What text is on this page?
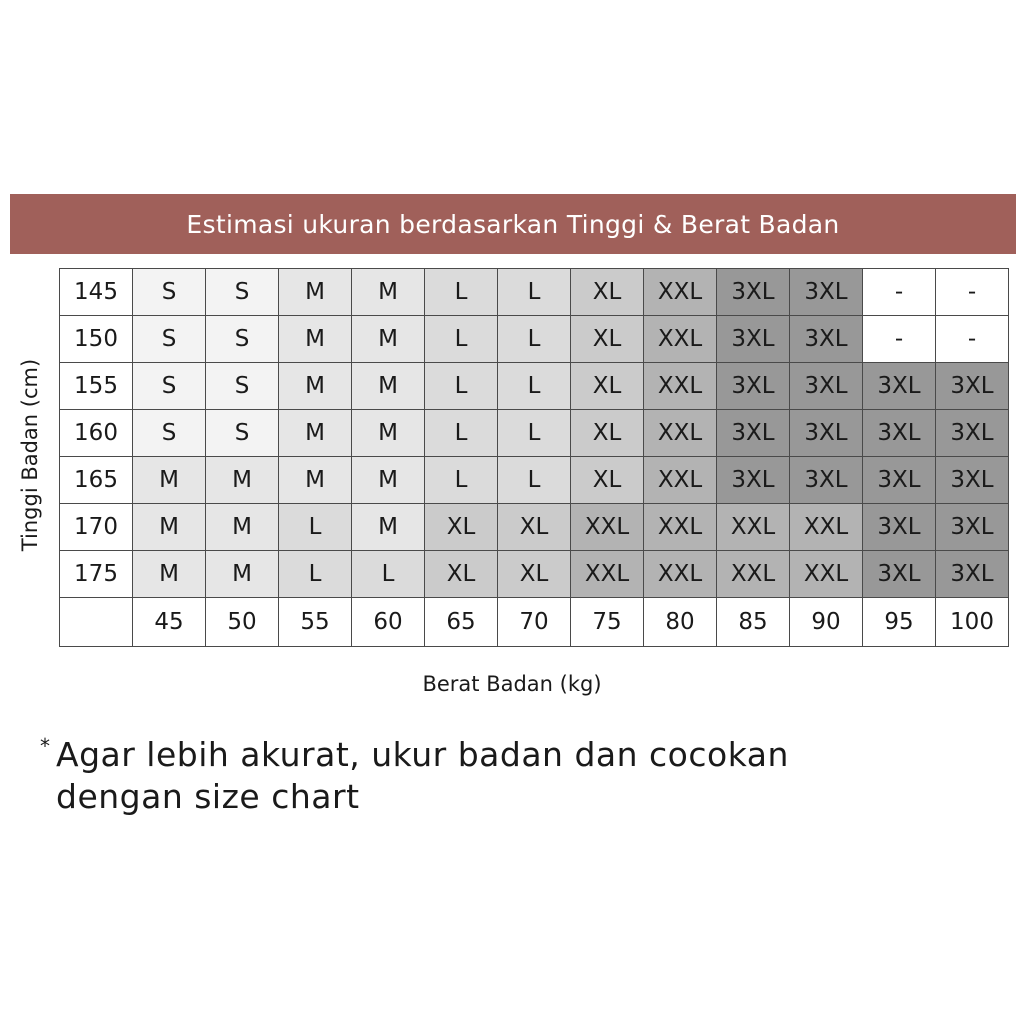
Estimasi ukuran berdasarkan Tinggi & Berat Badan
Tinggi Badan (cm)
145	S	S	M	M	L	L	XL	XXL	3XL	3XL	-	-
150	S	S	M	M	L	L	XL	XXL	3XL	3XL	-	-
155	S	S	M	M	L	L	XL	XXL	3XL	3XL	3XL	3XL
160	S	S	M	M	L	L	XL	XXL	3XL	3XL	3XL	3XL
165	M	M	M	M	L	L	XL	XXL	3XL	3XL	3XL	3XL
170	M	M	L	M	XL	XL	XXL	XXL	XXL	XXL	3XL	3XL
175	M	M	L	L	XL	XL	XXL	XXL	XXL	XXL	3XL	3XL
	45	50	55	60	65	70	75	80	85	90	95	100
Berat Badan (kg)
* Agar lebih akurat, ukur badan dan cocokan
dengan size chart
